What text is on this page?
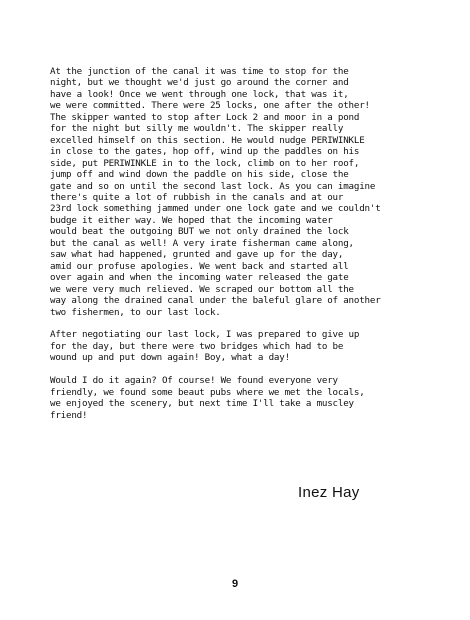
At the junction of the canal it was time to stop for the
night, but we thought we'd just go around the corner and
have a look! Once we went through one lock, that was it,
we were committed. There were 25 locks, one after the other!
The skipper wanted to stop after Lock 2 and moor in a pond
for the night but silly me wouldn't. The skipper really
excelled himself on this section. He would nudge PERIWINKLE
in close to the gates, hop off, wind up the paddles on his
side, put PERIWINKLE in to the lock, climb on to her roof,
jump off and wind down the paddle on his side, close the
gate and so on until the second last lock. As you can imagine
there's quite a lot of rubbish in the canals and at our
23rd lock something jammed under one lock gate and we couldn't
budge it either way. We hoped that the incoming water
would beat the outgoing BUT we not only drained the lock
but the canal as well! A very irate fisherman came along,
saw what had happened, grunted and gave up for the day,
amid our profuse apologies. We went back and started all
over again and when the incoming water released the gate
we were very much relieved. We scraped our bottom all the
way along the drained canal under the baleful glare of another
two fishermen, to our last lock.
After negotiating our last lock, I was prepared to give up
for the day, but there were two bridges which had to be
wound up and put down again! Boy, what a day!
Would I do it again? Of course! We found everyone very
friendly, we found some beaut pubs where we met the locals,
we enjoyed the scenery, but next time I'll take a muscley
friend!
Inez Hay
9
